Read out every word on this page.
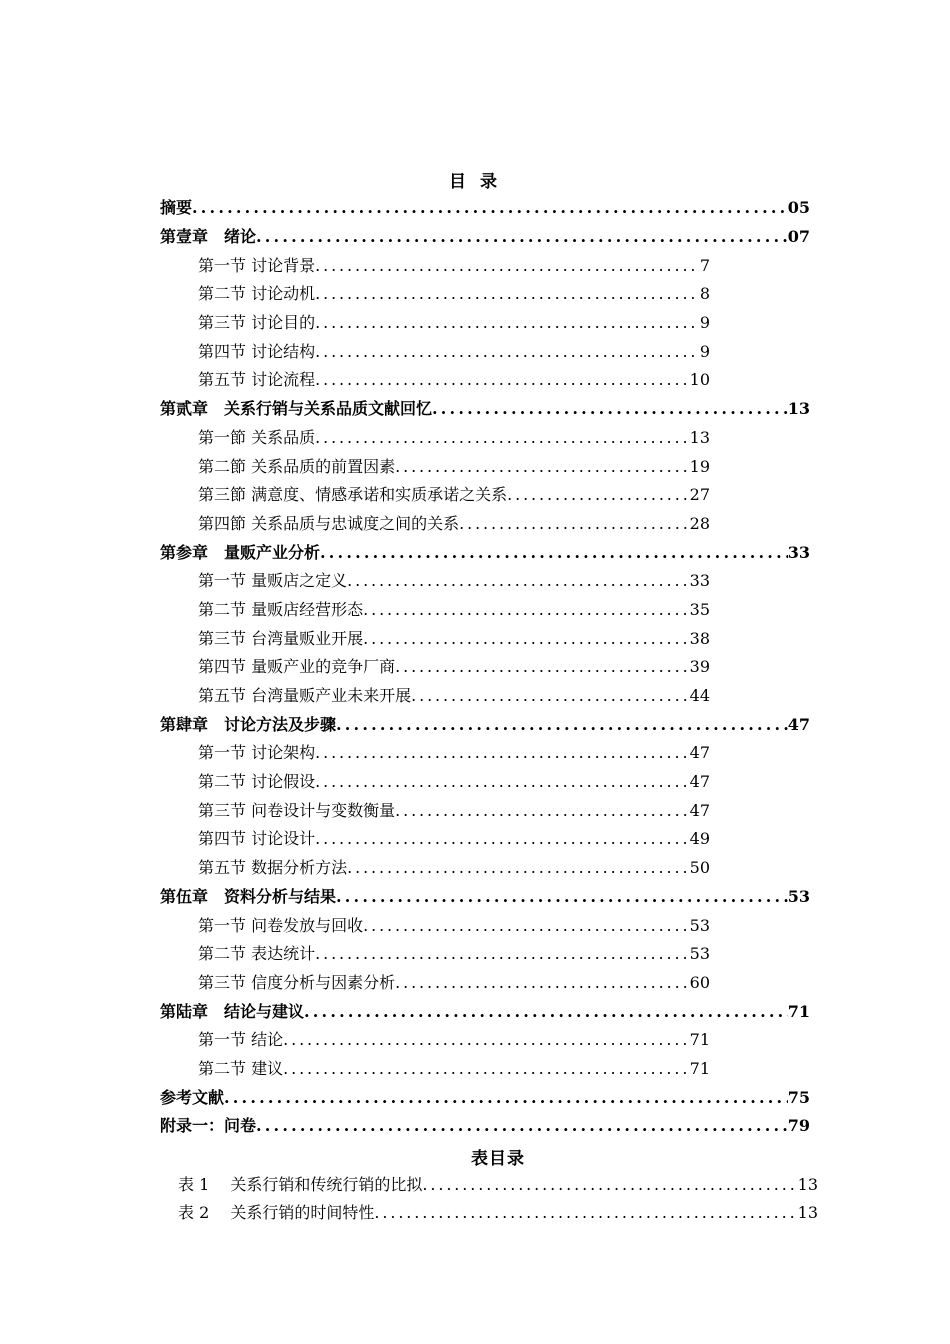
目 录
摘要 .....	05
第壹章　绪论 .....	07
第一节 讨论背景 .....	7
第二节 讨论动机 .....	8
第三节 讨论目的 .....	9
第四节 讨论结构 .....	9
第五节 讨论流程 .....	10
第贰章　关系行销与关系品质文献回忆 .....	13
第一節 关系品质 .....	13
第二節 关系品质的前置因素 .....	19
第三節 满意度、情感承诺和实质承诺之关系 .....	27
第四節 关系品质与忠诚度之间的关系 .....	28
第参章　量贩产业分析 .....	33
第一节 量贩店之定义 .....	33
第二节 量贩店经营形态 .....	35
第三节 台湾量贩业开展 .....	38
第四节 量贩产业的竞争厂商 .....	39
第五节 台湾量贩产业未来开展 .....	44
第肆章　讨论方法及步骤 .....	47
第一节 讨论架构 .....	47
第二节 讨论假设 .....	47
第三节 问卷设计与变数衡量 .....	47
第四节 讨论设计 .....	49
第五节 数据分析方法 .....	50
第伍章　资料分析与结果 .....	53
第一节 问卷发放与回收 .....	53
第二节 表达统计 .....	53
第三节 信度分析与因素分析 .....	60
第陆章　结论与建议 .....	71
第一节 结论 .....	71
第二节 建议 .....	71
参考文献 .....	75
附录一：问卷 .....	79
表目录
表 1　 关系行销和传统行销的比拟 .....	13
表 2　 关系行销的时间特性 .....	13
